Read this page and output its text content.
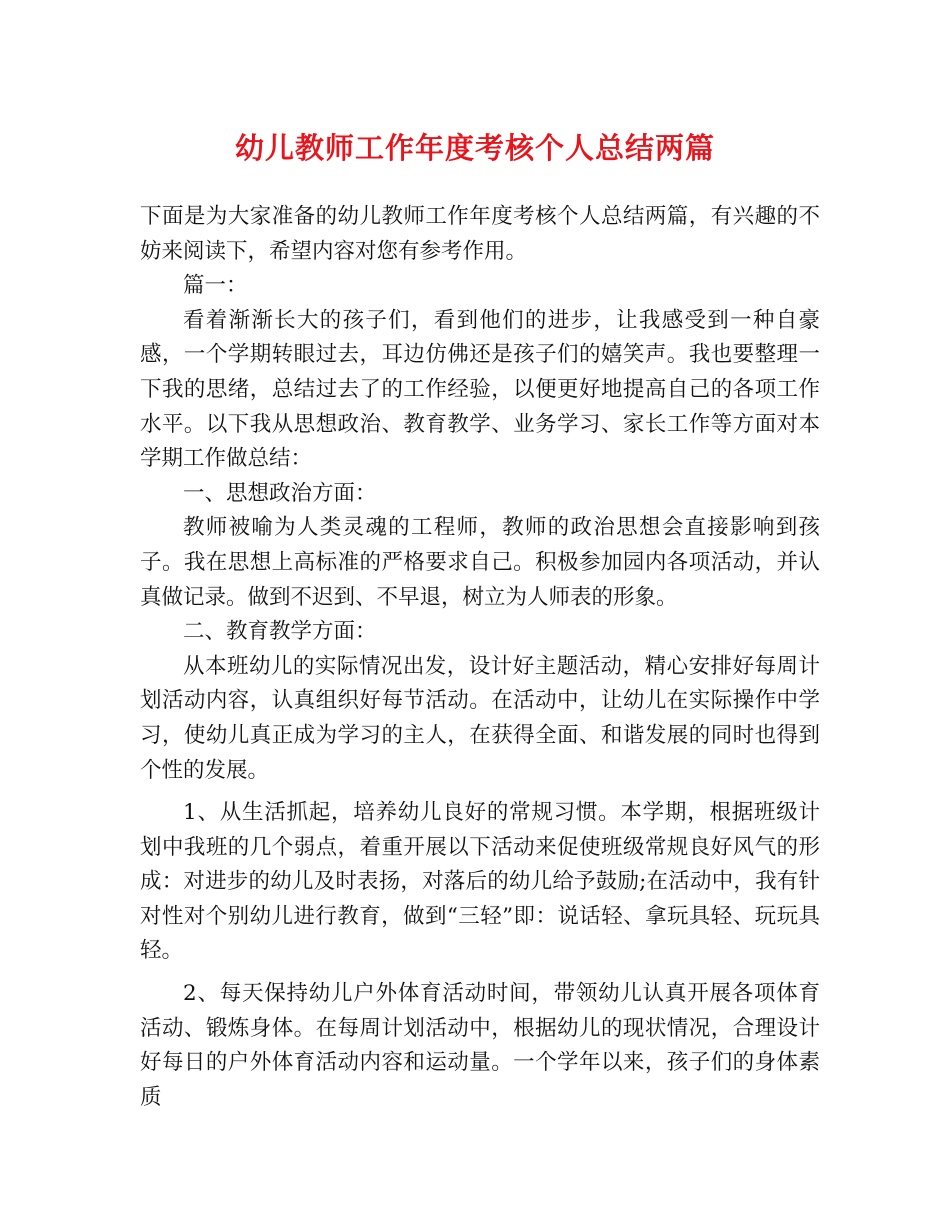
幼儿教师工作年度考核个人总结两篇

下面是为大家准备的幼儿教师工作年度考核个人总结两篇，有兴趣的不妨来阅读下，希望内容对您有参考作用。

篇一：

看着渐渐长大的孩子们，看到他们的进步，让我感受到一种自豪感，一个学期转眼过去，耳边仿佛还是孩子们的嬉笑声。我也要整理一下我的思绪，总结过去了的工作经验，以便更好地提高自己的各项工作水平。以下我从思想政治、教育教学、业务学习、家长工作等方面对本学期工作做总结：

一、思想政治方面：

教师被喻为人类灵魂的工程师，教师的政治思想会直接影响到孩子。我在思想上高标准的严格要求自己。积极参加园内各项活动，并认真做记录。做到不迟到、不早退，树立为人师表的形象。

二、教育教学方面：

从本班幼儿的实际情况出发，设计好主题活动，精心安排好每周计划活动内容，认真组织好每节活动。在活动中，让幼儿在实际操作中学习，使幼儿真正成为学习的主人，在获得全面、和谐发展的同时也得到个性的发展。

1、从生活抓起，培养幼儿良好的常规习惯。本学期，根据班级计划中我班的几个弱点，着重开展以下活动来促使班级常规良好风气的形成：对进步的幼儿及时表扬，对落后的幼儿给予鼓励;在活动中，我有针对性对个别幼儿进行教育，做到“三轻”即：说话轻、拿玩具轻、玩玩具轻。

2、每天保持幼儿户外体育活动时间，带领幼儿认真开展各项体育活动、锻炼身体。在每周计划活动中，根据幼儿的现状情况，合理设计好每日的户外体育活动内容和运动量。一个学年以来，孩子们的身体素质
